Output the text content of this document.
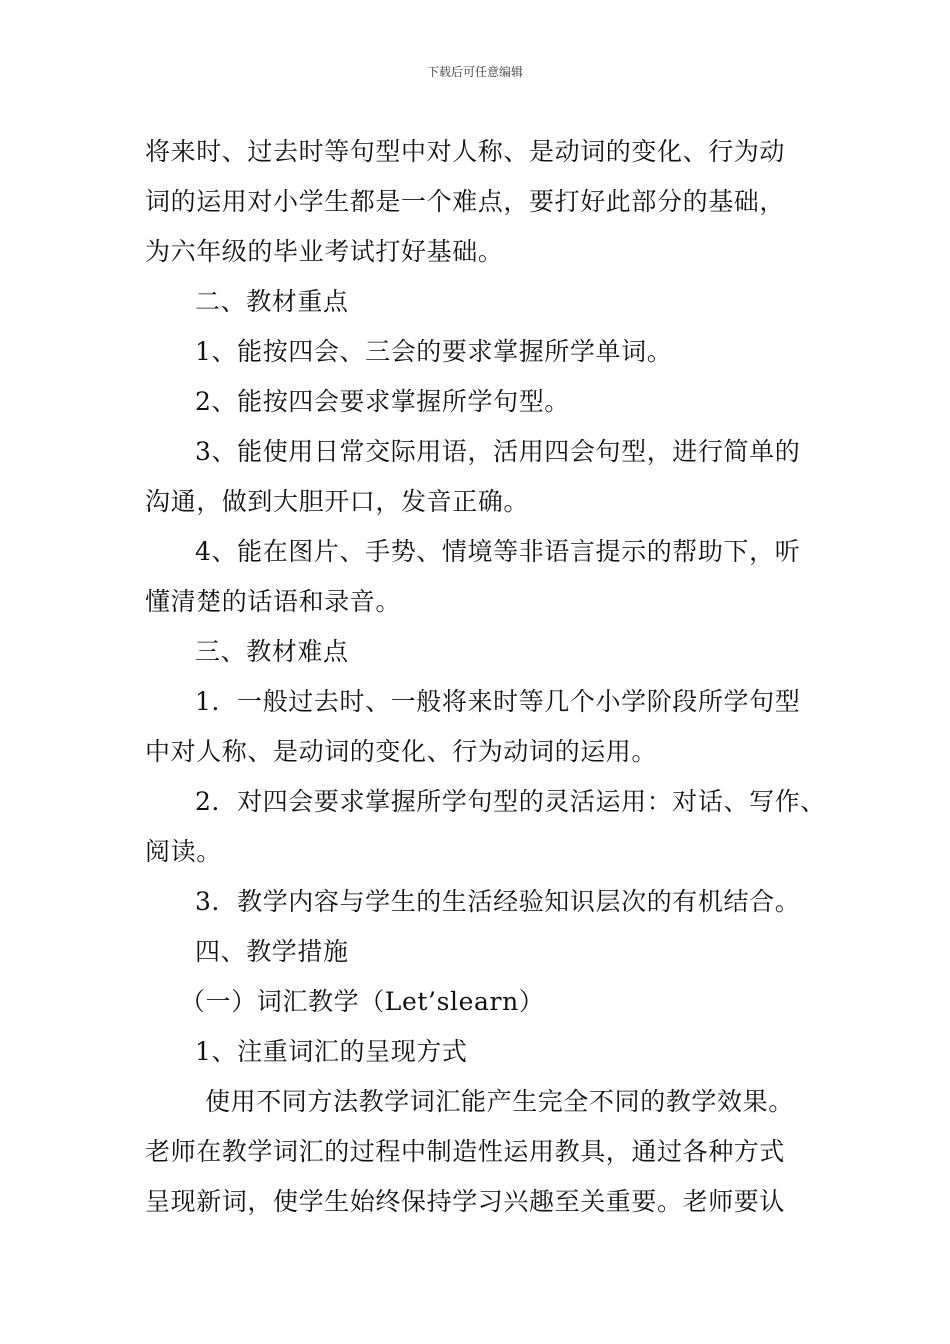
下载后可任意编辑
将来时、过去时等句型中对人称、是动词的变化、行为动
词的运用对小学生都是一个难点，要打好此部分的基础，
为六年级的毕业考试打好基础。
二、教材重点
1、能按四会、三会的要求掌握所学单词。
2、能按四会要求掌握所学句型。
3、能使用日常交际用语，活用四会句型，进行简单的
沟通，做到大胆开口，发音正确。
4、能在图片、手势、情境等非语言提示的帮助下，听
懂清楚的话语和录音。
三、教材难点
1．一般过去时、一般将来时等几个小学阶段所学句型
中对人称、是动词的变化、行为动词的运用。
2．对四会要求掌握所学句型的灵活运用：对话、写作、
阅读。
3．教学内容与学生的生活经验知识层次的有机结合。
四、教学措施
（一）词汇教学（Let’slearn）
1、注重词汇的呈现方式
使用不同方法教学词汇能产生完全不同的教学效果。
老师在教学词汇的过程中制造性运用教具，通过各种方式
呈现新词，使学生始终保持学习兴趣至关重要。老师要认
